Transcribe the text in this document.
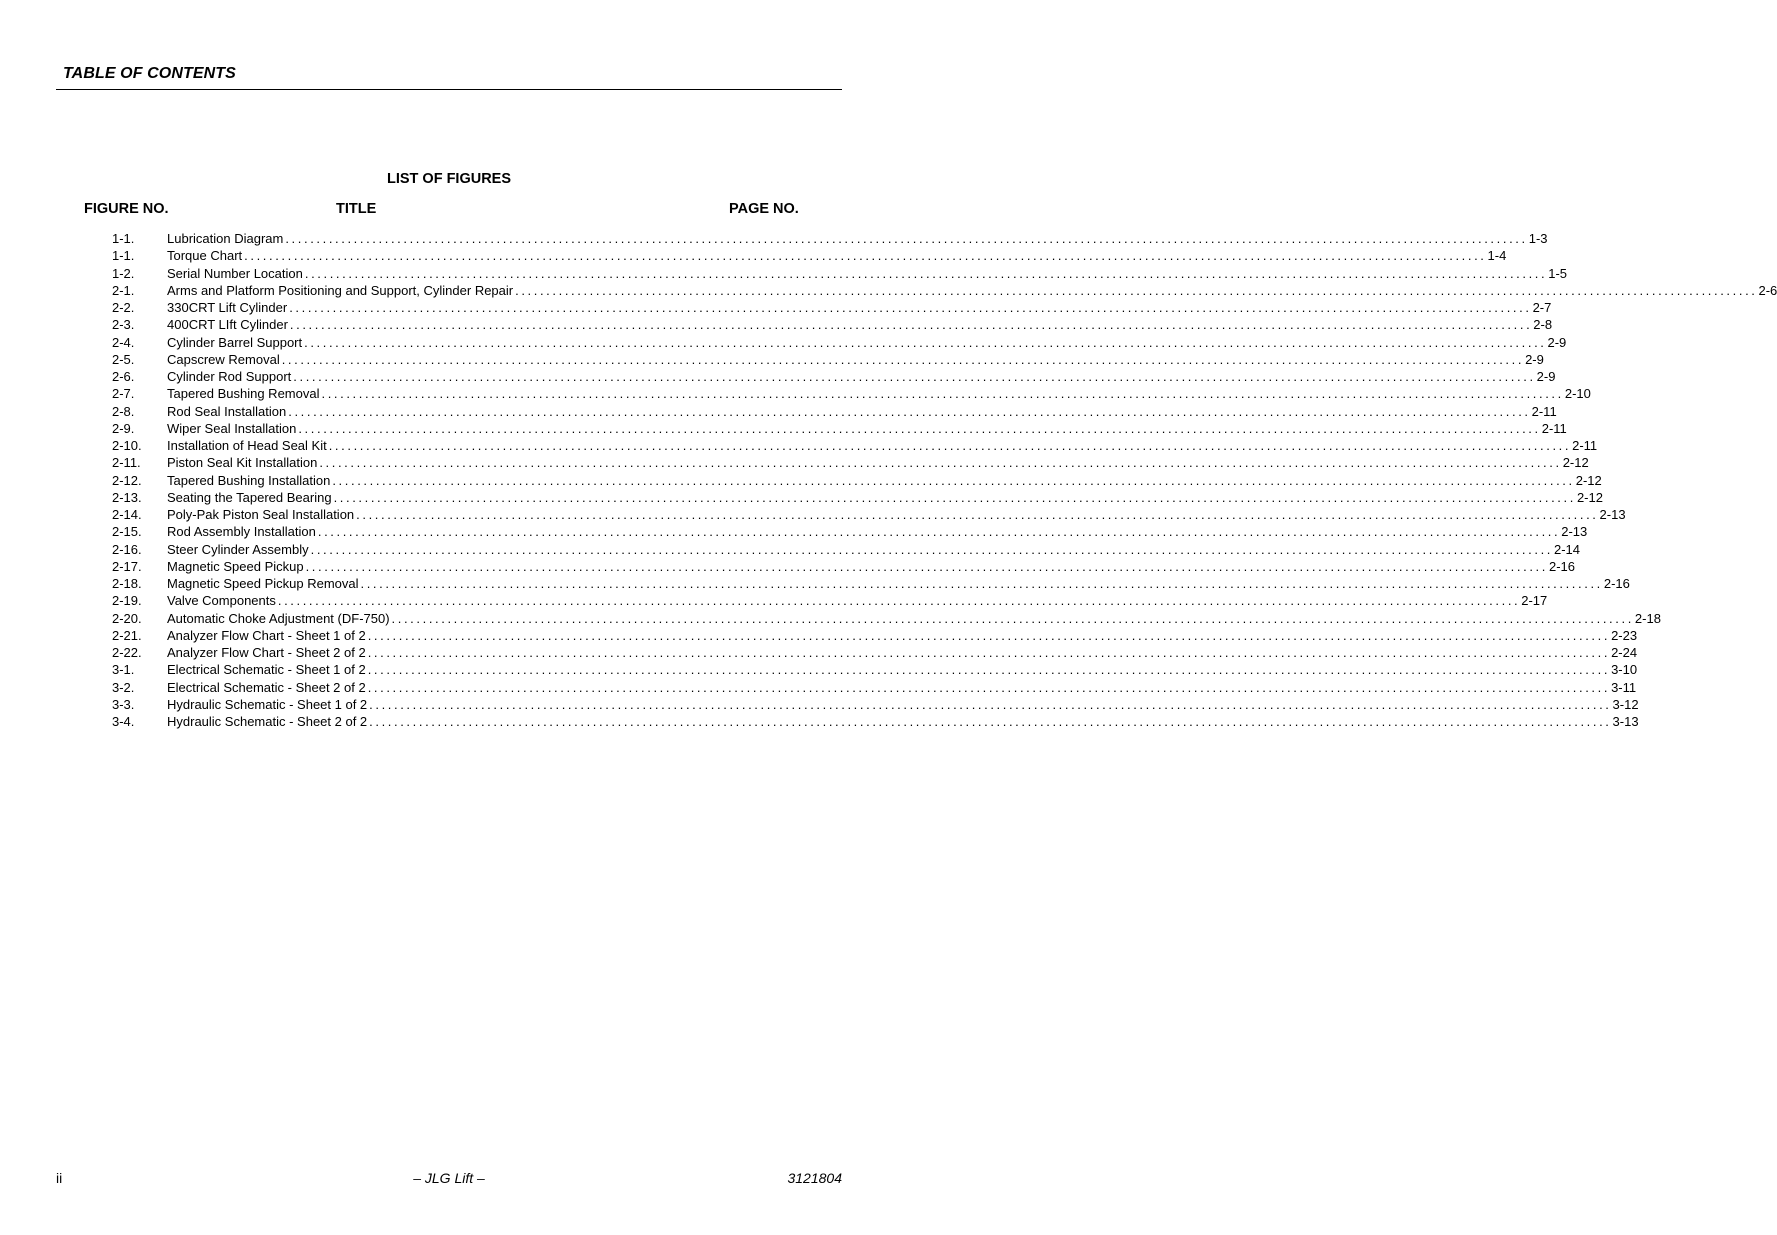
TABLE OF CONTENTS
LIST OF FIGURES
FIGURE NO.	TITLE	PAGE NO.
1-1.	Lubrication Diagram ........................................................................................................................................................................................................ 1-3
1-1.	Torque Chart ........................................................................................................................................................................................................ 1-4
1-2.	Serial Number Location ........................................................................................................................................................................................................ 1-5
2-1.	Arms and Platform Positioning and Support, Cylinder Repair ........................................................................................................................................................................................................ 2-6
2-2.	330CRT Lift Cylinder ........................................................................................................................................................................................................ 2-7
2-3.	400CRT LIft Cylinder ........................................................................................................................................................................................................ 2-8
2-4.	Cylinder Barrel Support ........................................................................................................................................................................................................ 2-9
2-5.	Capscrew Removal ........................................................................................................................................................................................................ 2-9
2-6.	Cylinder Rod Support ........................................................................................................................................................................................................ 2-9
2-7.	Tapered Bushing Removal ........................................................................................................................................................................................................ 2-10
2-8.	Rod Seal Installation ........................................................................................................................................................................................................ 2-11
2-9.	Wiper Seal Installation ........................................................................................................................................................................................................ 2-11
2-10. Installation of Head Seal Kit ........................................................................................................................................................................................................ 2-11
2-11. Piston Seal Kit Installation ........................................................................................................................................................................................................ 2-12
2-12. Tapered Bushing Installation ........................................................................................................................................................................................................ 2-12
2-13. Seating the Tapered Bearing ........................................................................................................................................................................................................ 2-12
2-14. Poly-Pak Piston Seal Installation ........................................................................................................................................................................................................ 2-13
2-15. Rod Assembly Installation ........................................................................................................................................................................................................ 2-13
2-16. Steer Cylinder Assembly ........................................................................................................................................................................................................ 2-14
2-17. Magnetic Speed Pickup ........................................................................................................................................................................................................ 2-16
2-18. Magnetic Speed Pickup Removal ........................................................................................................................................................................................................ 2-16
2-19. Valve Components ........................................................................................................................................................................................................ 2-17
2-20. Automatic Choke Adjustment (DF-750) ........................................................................................................................................................................................................ 2-18
2-21. Analyzer Flow Chart - Sheet 1 of 2 ........................................................................................................................................................................................................ 2-23
2-22. Analyzer Flow Chart - Sheet 2 of 2 ........................................................................................................................................................................................................ 2-24
3-1.	Electrical Schematic - Sheet 1 of 2 ........................................................................................................................................................................................................ 3-10
3-2.	Electrical Schematic - Sheet 2 of 2 ........................................................................................................................................................................................................ 3-11
3-3.	Hydraulic Schematic - Sheet 1 of 2 ........................................................................................................................................................................................................ 3-12
3-4.	Hydraulic Schematic - Sheet 2 of 2 ........................................................................................................................................................................................................ 3-13
ii	– JLG Lift –	3121804
